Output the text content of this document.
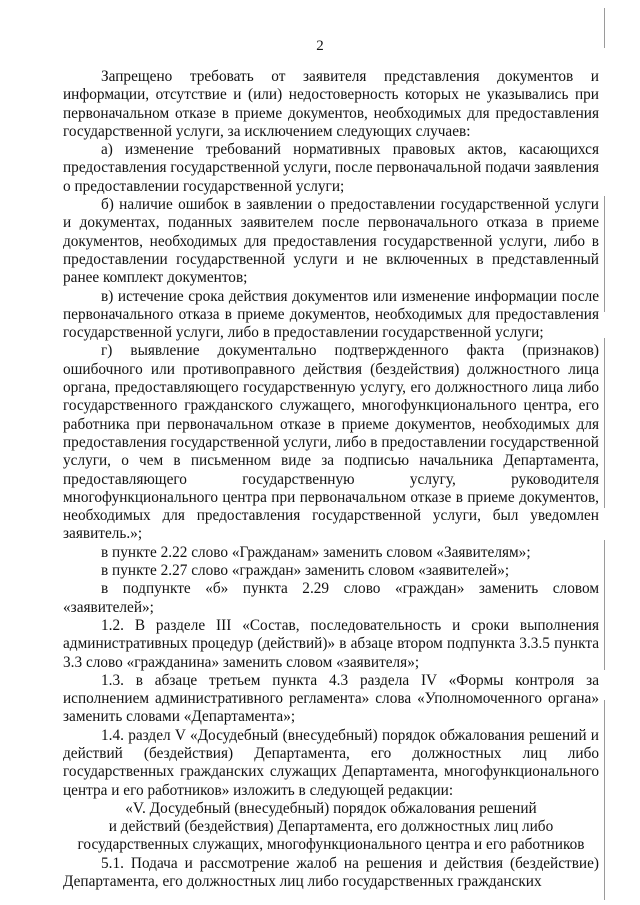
2

Запрещено требовать от заявителя представления документов и информации, отсутствие и (или) недостоверность которых не указывались при первоначальном отказе в приеме документов, необходимых для предоставления государственной услуги, за исключением следующих случаев:

а) изменение требований нормативных правовых актов, касающихся предоставления государственной услуги, после первоначальной подачи заявления о предоставлении государственной услуги;

б) наличие ошибок в заявлении о предоставлении государственной услуги и документах, поданных заявителем после первоначального отказа в приеме документов, необходимых для предоставления государственной услуги, либо в предоставлении государственной услуги и не включенных в представленный ранее комплект документов;

в) истечение срока действия документов или изменение информации после первоначального отказа в приеме документов, необходимых для предоставления государственной услуги, либо в предоставлении государственной услуги;

г) выявление документально подтвержденного факта (признаков) ошибочного или противоправного действия (бездействия) должностного лица органа, предоставляющего государственную услугу, его должностного лица либо государственного гражданского служащего, многофункционального центра, его работника при первоначальном отказе в приеме документов, необходимых для предоставления государственной услуги, либо в предоставлении государственной услуги, о чем в письменном виде за подписью начальника Департамента, предоставляющего государственную услугу, руководителя многофункционального центра при первоначальном отказе в приеме документов, необходимых для предоставления государственной услуги, был уведомлен заявитель.»;

в пункте 2.22 слово «Гражданам» заменить словом «Заявителям»;

в пункте 2.27 слово «граждан» заменить словом «заявителей»;

в подпункте «б» пункта 2.29 слово «граждан» заменить словом «заявителей»;

1.2. В разделе III «Состав, последовательность и сроки выполнения административных процедур (действий)» в абзаце втором подпункта 3.3.5 пункта 3.3 слово «гражданина» заменить словом «заявителя»;

1.3. в абзаце третьем пункта 4.3 раздела IV «Формы контроля за исполнением административного регламента» слова «Уполномоченного органа» заменить словами «Департамента»;

1.4. раздел V «Досудебный (внесудебный) порядок обжалования решений и действий (бездействия) Департамента, его должностных лиц либо государственных гражданских служащих Департамента, многофункционального центра и его работников» изложить в следующей редакции:

«V. Досудебный (внесудебный) порядок обжалования решений

и действий (бездействия) Департамента, его должностных лиц либо

государственных служащих, многофункционального центра и его работников

5.1. Подача и рассмотрение жалоб на решения и действия (бездействие) Департамента, его должностных лиц либо государственных гражданских
